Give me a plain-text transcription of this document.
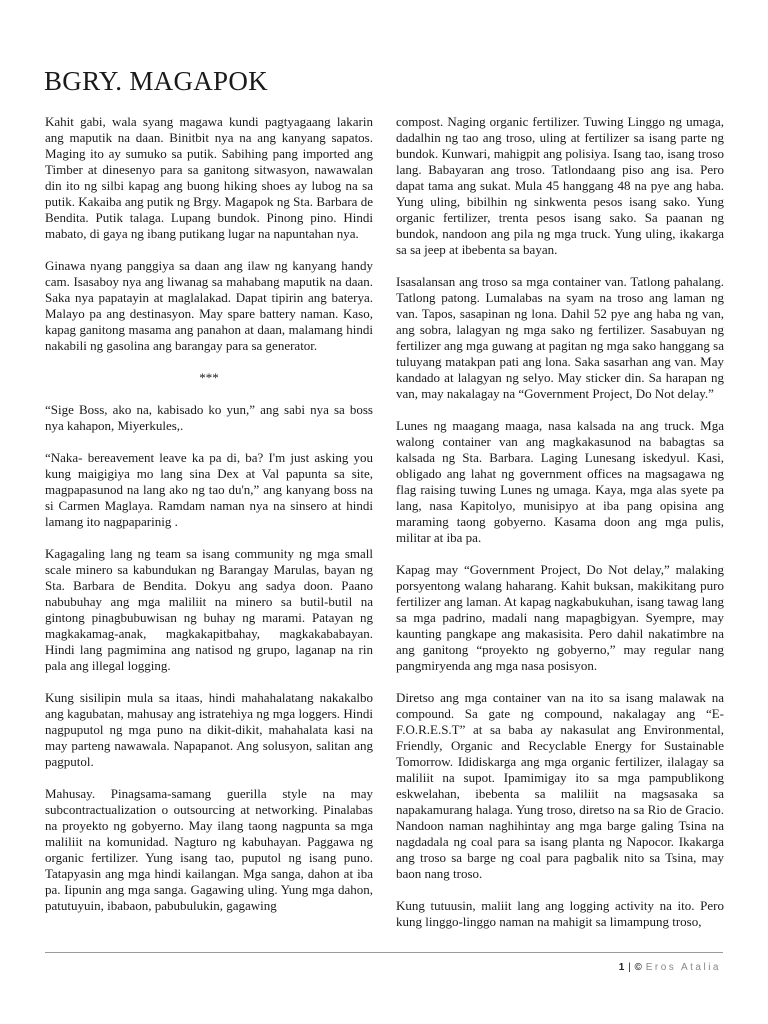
BGRY. MAGAPOK

Kahit gabi, wala syang magawa kundi pagtyagaang lakarin ang maputik na daan. Binitbit nya na ang kanyang sapatos. Maging ito ay sumuko sa putik. Sabihing pang imported ang Timber at dinesenyo para sa ganitong sitwasyon, nawawalan din ito ng silbi kapag ang buong hiking shoes ay lubog na sa putik. Kakaiba ang putik ng Brgy. Magapok ng Sta. Barbara de Bendita. Putik talaga. Lupang bundok. Pinong pino. Hindi mabato, di gaya ng ibang putikang lugar na napuntahan nya.

Ginawa nyang panggiya sa daan ang ilaw ng kanyang handy cam. Isasaboy nya ang liwanag sa mahabang maputik na daan. Saka nya papatayin at maglalakad. Dapat tipirin ang baterya. Malayo pa ang destinasyon. May spare battery naman. Kaso, kapag ganitong masama ang panahon at daan, malamang hindi nakabili ng gasolina ang barangay para sa generator.

***

“Sige Boss, ako na, kabisado ko yun,” ang sabi nya sa boss nya kahapon, Miyerkules,.

“Naka- bereavement leave ka pa di, ba? I'm just asking you kung maigigiya mo lang sina Dex at Val papunta sa site, magpapasunod na lang ako ng tao du'n,” ang kanyang boss na si Carmen Maglaya. Ramdam naman nya na sinsero at hindi lamang ito nagpaparinig .

Kagagaling lang ng team sa isang community ng mga small scale minero sa kabundukan ng Barangay Marulas, bayan ng Sta. Barbara de Bendita. Dokyu ang sadya doon. Paano nabubuhay ang mga maliliit na minero sa butil-butil na gintong pinagbubuwisan ng buhay ng marami. Patayan ng magkakamag-anak, magkakapitbahay, magkakababayan. Hindi lang pagmimina ang natisod ng grupo, laganap na rin pala ang illegal logging.

Kung sisilipin mula sa itaas, hindi mahahalatang nakakalbo ang kagubatan, mahusay ang istratehiya ng mga loggers. Hindi nagpuputol ng mga puno na dikit-dikit, mahahalata kasi na may parteng nawawala. Napapanot. Ang solusyon, salitan ang pagputol.

Mahusay. Pinagsama-samang guerilla style na may subcontractualization o outsourcing at networking. Pinalabas na proyekto ng gobyerno. May ilang taong nagpunta sa mga maliliit na komunidad. Nagturo ng kabuhayan. Paggawa ng organic fertilizer. Yung isang tao, puputol ng isang puno. Tatapyasin ang mga hindi kailangan. Mga sanga, dahon at iba pa. Iipunin ang mga sanga. Gagawing uling. Yung mga dahon, patutuyuin, ibabaon, pabubulukin, gagawing

compost. Naging organic fertilizer. Tuwing Linggo ng umaga, dadalhin ng tao ang troso, uling at fertilizer sa isang parte ng bundok. Kunwari, mahigpit ang polisiya. Isang tao, isang troso lang. Babayaran ang troso. Tatlondaang piso ang isa. Pero dapat tama ang sukat. Mula 45 hanggang 48 na pye ang haba. Yung uling, bibilhin ng sinkwenta pesos isang sako. Yung organic fertilizer, trenta pesos isang sako. Sa paanan ng bundok, nandoon ang pila ng mga truck. Yung uling, ikakarga sa sa jeep at ibebenta sa bayan.

Isasalansan ang troso sa mga container van. Tatlong pahalang. Tatlong patong. Lumalabas na syam na troso ang laman ng van. Tapos, sasapinan ng lona. Dahil 52 pye ang haba ng van, ang sobra, lalagyan ng mga sako ng fertilizer. Sasabuyan ng fertilizer ang mga guwang at pagitan ng mga sako hanggang sa tuluyang matakpan pati ang lona. Saka sasarhan ang van. May kandado at lalagyan ng selyo. May sticker din. Sa harapan ng van, may nakalagay na “Government Project, Do Not delay.”

Lunes ng maagang maaga, nasa kalsada na ang truck. Mga walong container van ang magkakasunod na babagtas sa kalsada ng Sta. Barbara. Laging Lunesang iskedyul. Kasi, obligado ang lahat ng government offices na magsagawa ng flag raising tuwing Lunes ng umaga. Kaya, mga alas syete pa lang, nasa Kapitolyo, munisipyo at iba pang opisina ang maraming taong gobyerno. Kasama doon ang mga pulis, militar at iba pa.

Kapag may “Government Project, Do Not delay,” malaking porsyentong walang haharang. Kahit buksan, makikitang puro fertilizer ang laman. At kapag nagkabukuhan, isang tawag lang sa mga padrino, madali nang mapagbigyan. Syempre, may kaunting pangkape ang makasisita. Pero dahil nakatimbre na ang ganitong “proyekto ng gobyerno,” may regular nang pangmiryenda ang mga nasa posisyon.

Diretso ang mga container van na ito sa isang malawak na compound. Sa gate ng compound, nakalagay ang “E-F.O.R.E.S.T” at sa baba ay nakasulat ang Environmental, Friendly, Organic and Recyclable Energy for Sustainable Tomorrow. Ididiskarga ang mga organic fertilizer, ilalagay sa maliliit na supot. Ipamimigay ito sa mga pampublikong eskwelahan, ibebenta sa maliliit na magsasaka sa napakamurang halaga. Yung troso, diretso na sa Rio de Gracio. Nandoon naman naghihintay ang mga barge galing Tsina na nagdadala ng coal para sa isang planta ng Napocor. Ikakarga ang troso sa barge ng coal para pagbalik nito sa Tsina, may baon nang troso.

Kung tutuusin, maliit lang ang logging activity na ito. Pero kung linggo-linggo naman na mahigit sa limampung troso,

1 | © Eros Atalia
